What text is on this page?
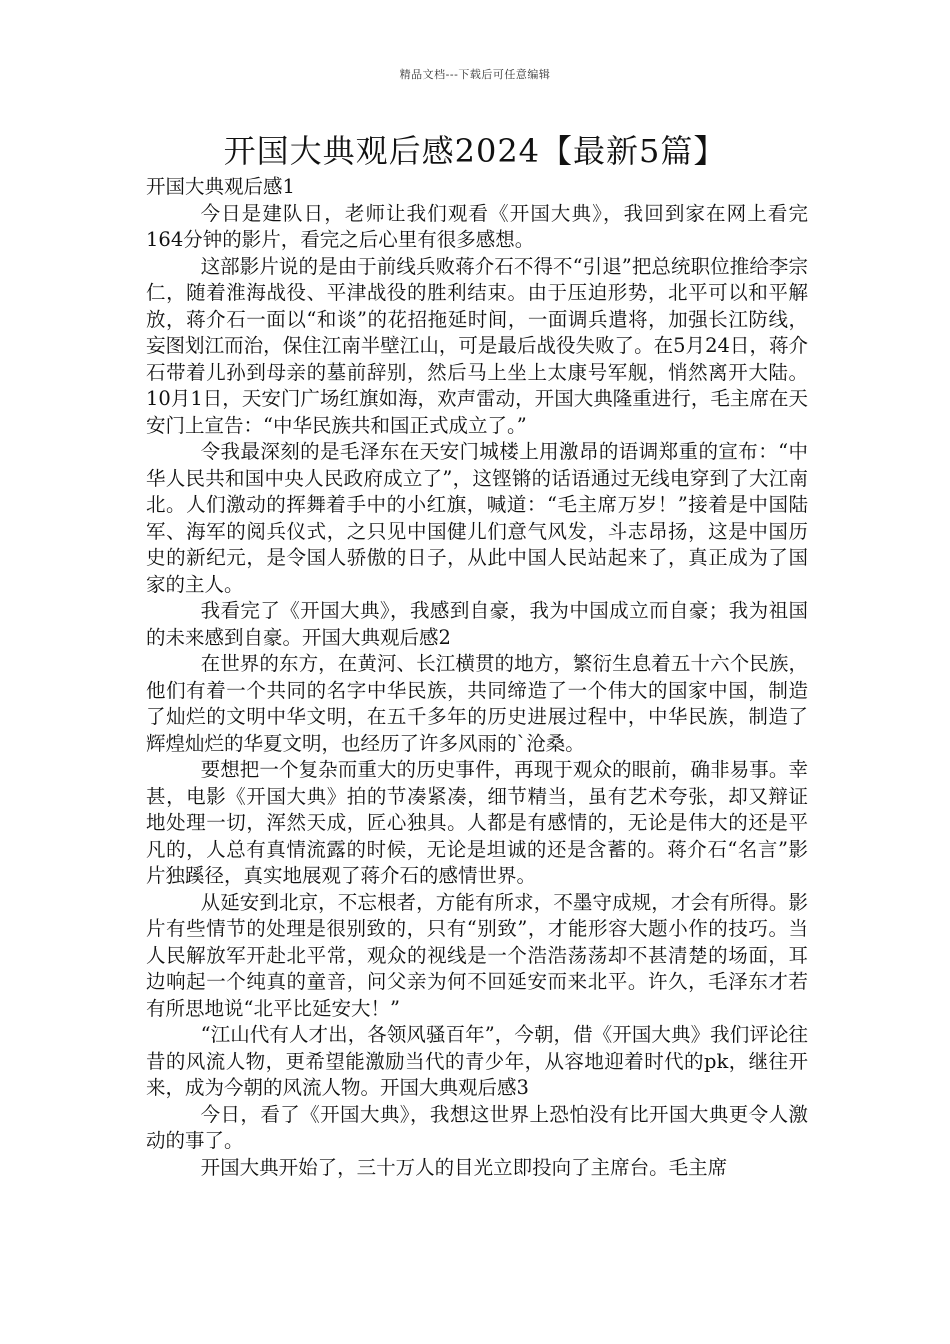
精品文档---下载后可任意编辑
开国大典观后感2024【最新5篇】

开国大典观后感1

今日是建队日，老师让我们观看《开国大典》，我回到家在网上看完164分钟的影片，看完之后心里有很多感想。

这部影片说的是由于前线兵败蒋介石不得不“引退”把总统职位推给李宗仁，随着淮海战役、平津战役的胜利结束。由于压迫形势，北平可以和平解放，蒋介石一面以“和谈”的花招拖延时间，一面调兵遣将，加强长江防线，妄图划江而治，保住江南半壁江山，可是最后战役失败了。在5月24日，蒋介石带着儿孙到母亲的墓前辞别，然后马上坐上太康号军舰，悄然离开大陆。10月1日，天安门广场红旗如海，欢声雷动，开国大典隆重进行，毛主席在天安门上宣告：“中华民族共和国正式成立了。”

令我最深刻的是毛泽东在天安门城楼上用激昂的语调郑重的宣布：“中华人民共和国中央人民政府成立了”，这铿锵的话语通过无线电穿到了大江南北。人们激动的挥舞着手中的小红旗，喊道：“毛主席万岁！”接着是中国陆军、海军的阅兵仪式，之只见中国健儿们意气风发，斗志昂扬，这是中国历史的新纪元，是令国人骄傲的日子，从此中国人民站起来了，真正成为了国家的主人。

我看完了《开国大典》，我感到自豪，我为中国成立而自豪；我为祖国的未来感到自豪。开国大典观后感2

在世界的东方，在黄河、长江横贯的地方，繁衍生息着五十六个民族，他们有着一个共同的名字中华民族，共同缔造了一个伟大的国家中国，制造了灿烂的文明中华文明，在五千多年的历史进展过程中，中华民族，制造了辉煌灿烂的华夏文明，也经历了许多风雨的`沧桑。

要想把一个复杂而重大的历史事件，再现于观众的眼前，确非易事。幸甚，电影《开国大典》拍的节凑紧凑，细节精当，虽有艺术夸张，却又辩证地处理一切，浑然天成，匠心独具。人都是有感情的，无论是伟大的还是平凡的，人总有真情流露的时候，无论是坦诚的还是含蓄的。蒋介石“名言”影片独蹊径，真实地展观了蒋介石的感情世界。

从延安到北京，不忘根者，方能有所求，不墨守成规，才会有所得。影片有些情节的处理是很别致的，只有“别致”，才能形容大题小作的技巧。当人民解放军开赴北平常，观众的视线是一个浩浩荡荡却不甚清楚的场面，耳边响起一个纯真的童音，问父亲为何不回延安而来北平。许久，毛泽东才若有所思地说“北平比延安大！”

“江山代有人才出，各领风骚百年”，今朝，借《开国大典》我们评论往昔的风流人物，更希望能激励当代的青少年，从容地迎着时代的pk，继往开来，成为今朝的风流人物。开国大典观后感3

今日，看了《开国大典》，我想这世界上恐怕没有比开国大典更令人激动的事了。

开国大典开始了，三十万人的目光立即投向了主席台。毛主席
